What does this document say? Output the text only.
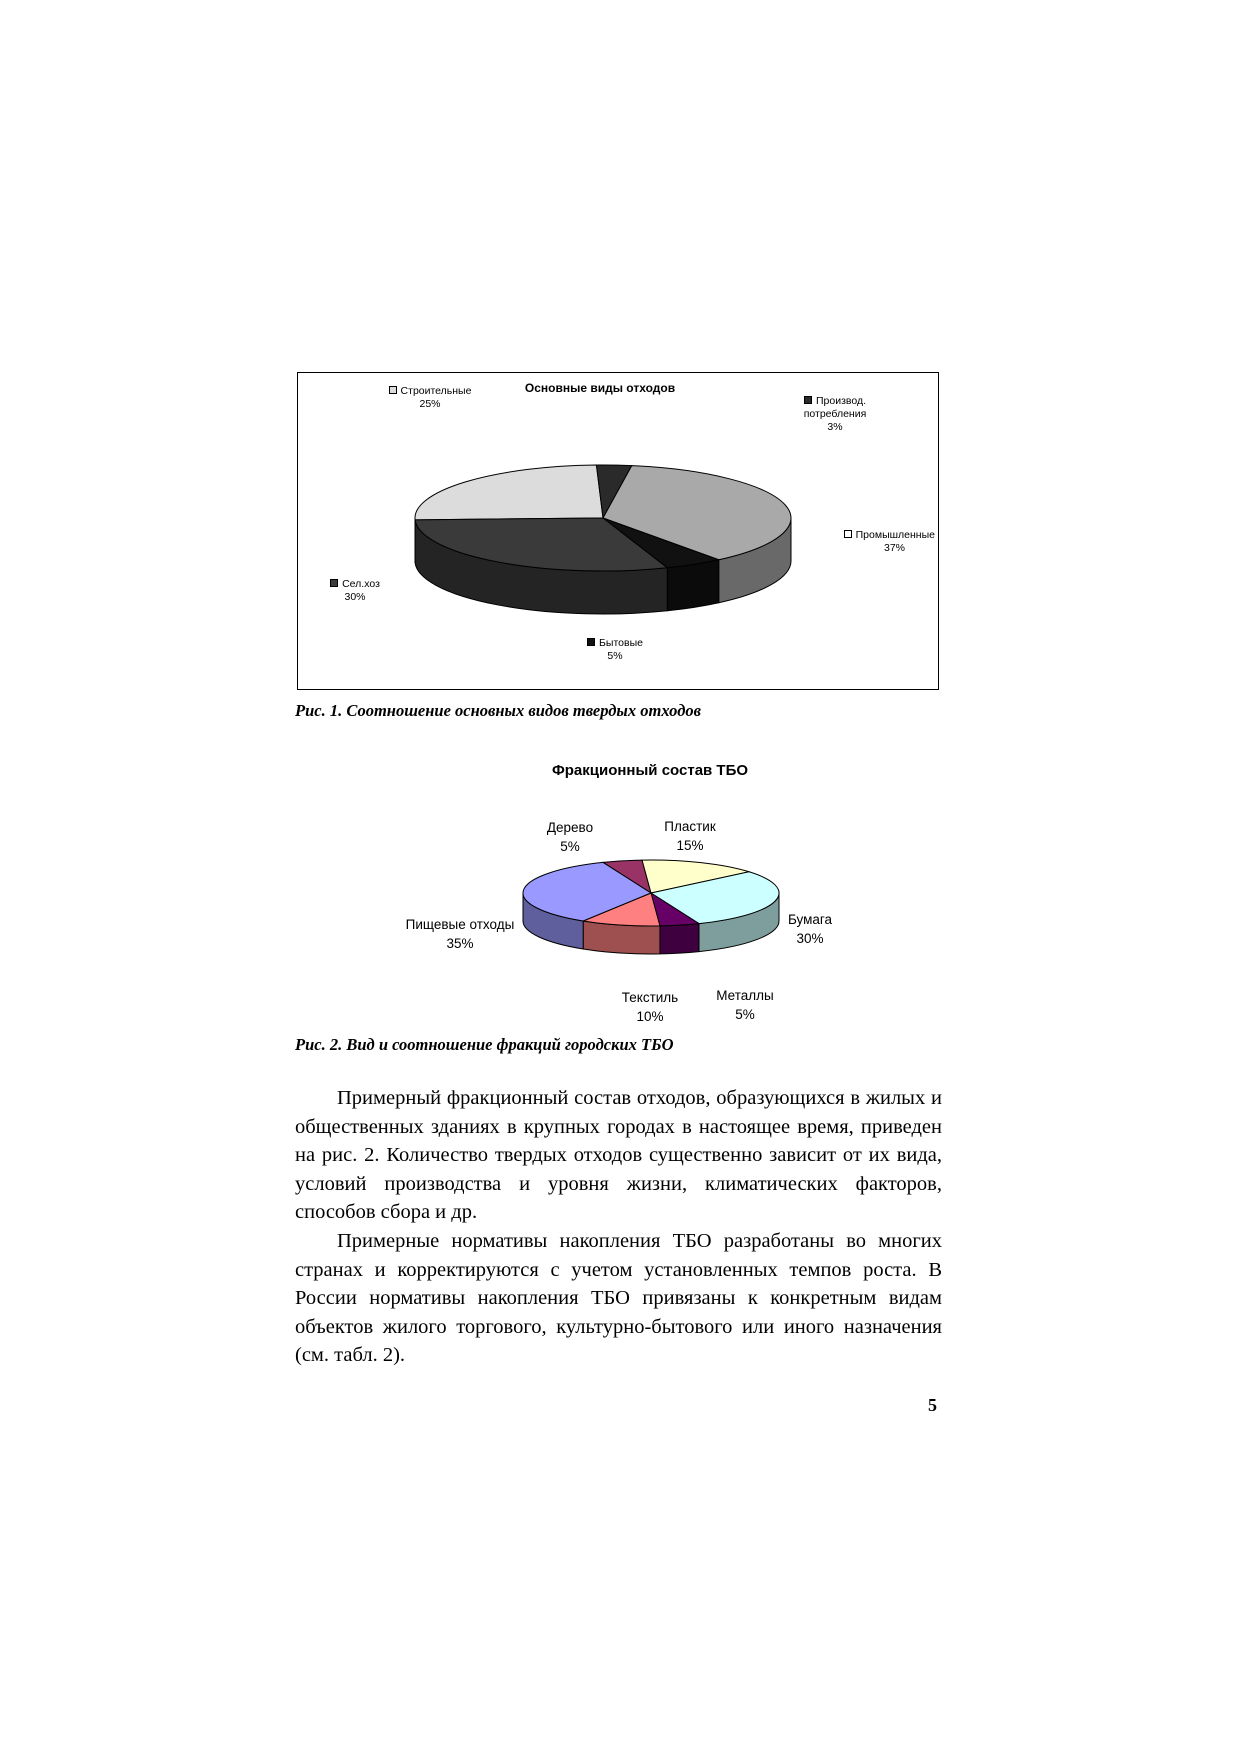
Основные виды отходов
Строительные
25%	Производ.
потребления
3%
Промышленные
37%
Бытовые
5%
Сел.хоз
30%
Рис. 1. Соотношение основных видов твердых отходов
Фракционный состав ТБО
Дерево
5%
Пластик
15%
Бумага
30%
Пищевые отходы
35%
Текстиль
10%
Металлы
5%
Рис. 2. Вид и соотношение фракций городских ТБО

Примерный фракционный состав отходов, образующихся в жилых и общественных зданиях в крупных городах в настоящее время, приведен на рис. 2. Количество твердых отходов существенно зависит от их вида, условий производства и уровня жизни, климатических факторов, способов сбора и др.

Примерные нормативы накопления ТБО разработаны во многих странах и корректируются с учетом установленных темпов роста. В России нормативы накопления ТБО привязаны к конкретным видам объектов жилого торгового, культурно-бытового или иного назначения (см. табл. 2).

5
